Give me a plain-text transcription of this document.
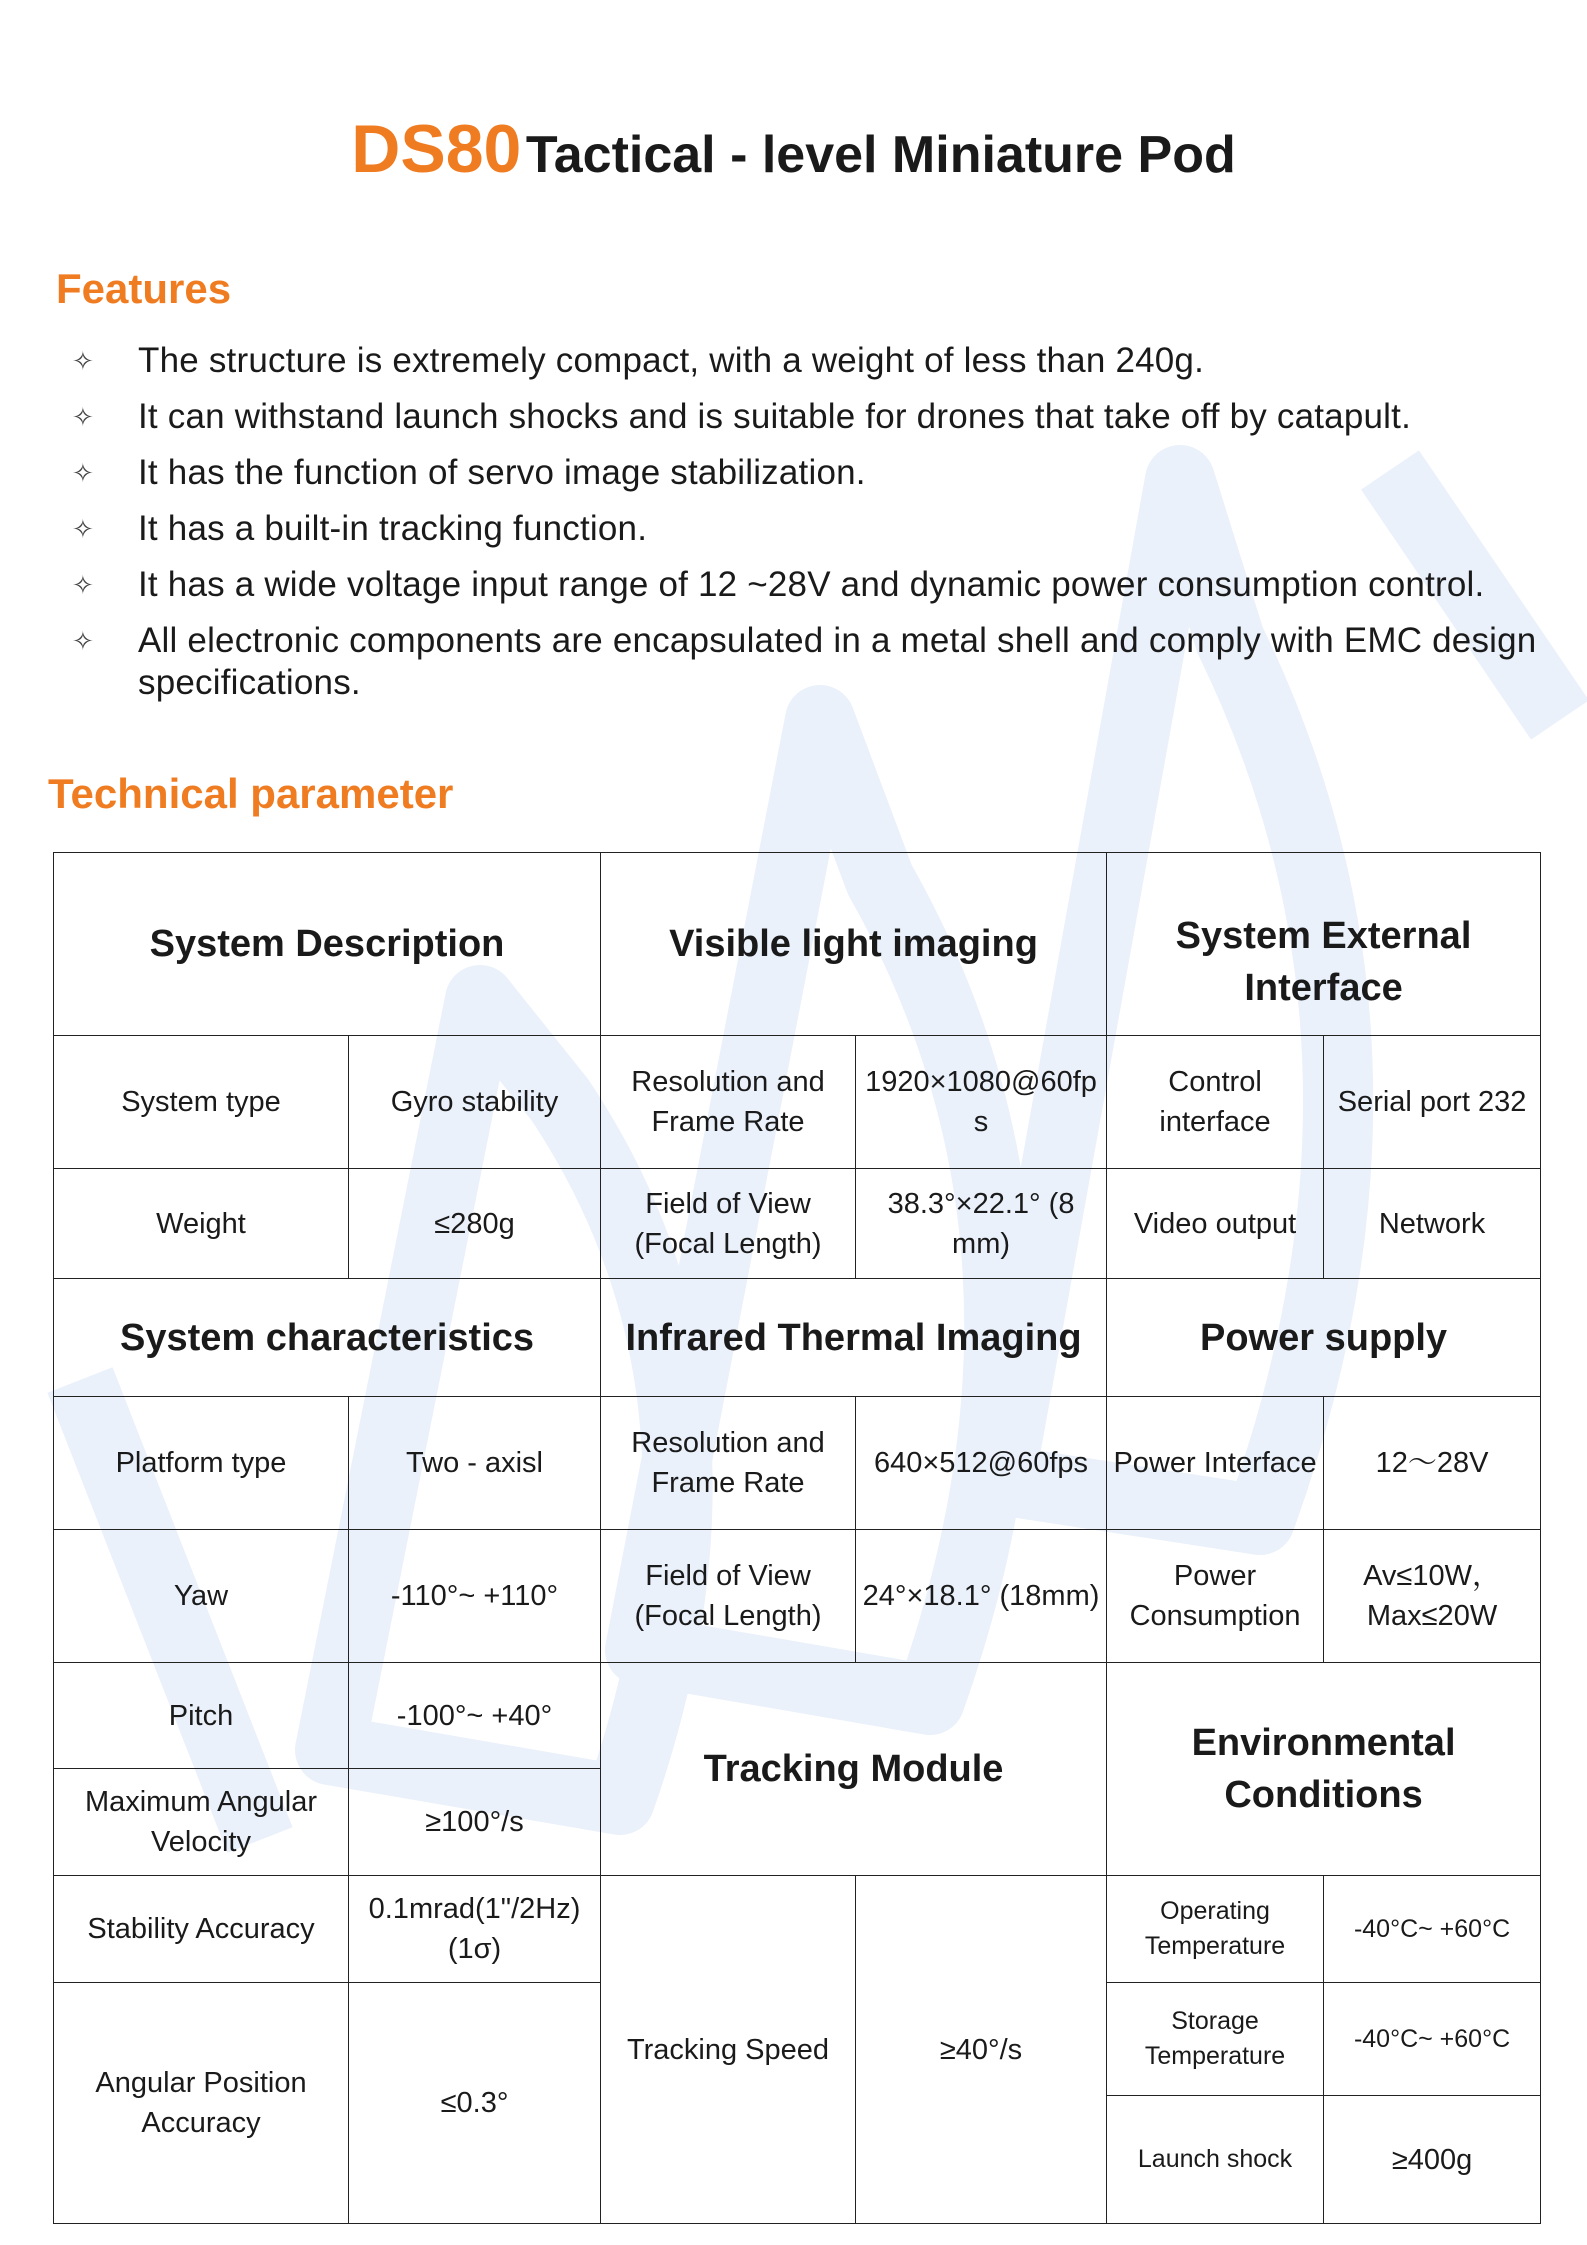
DS80 Tactical - level Miniature Pod
Features
✧ The structure is extremely compact, with a weight of less than 240g.
✧ It can withstand launch shocks and is suitable for drones that take off by catapult.
✧ It has the function of servo image stabilization.
✧ It has a built-in tracking function.
✧ It has a wide voltage input range of 12 ~28V and dynamic power consumption control.
✧ All electronic components are encapsulated in a metal shell and comply with EMC design specifications.
Technical parameter
System Description		Visible light imaging		System External Interface	
System type	Gyro stability	Resolution and Frame Rate	1920×1080@60fps	Control interface	Serial port 232
Weight	≤280g	Field of View (Focal Length)	38.3°×22.1° (8 mm)	Video output	Network
System characteristics		Infrared Thermal Imaging		Power supply	
Platform type	Two - axisl	Resolution and Frame Rate	640×512@60fps	Power Interface	12～28V
Yaw	-110°~ +110°	Field of View (Focal Length)	24°×18.1° (18mm)	Power Consumption	Av≤10W，Max≤20W
Pitch	-100°~ +40°	Tracking Module		Environmental Conditions	
Maximum Angular Velocity	≥100°/s				
Stability Accuracy	0.1mrad(1"/2Hz) (1σ)	Tracking Speed	≥40°/s	Operating Temperature	-40°C~ +60°C
Angular Position Accuracy	≤0.3°			Storage Temperature	-40°C~ +60°C
				Launch shock	≥400g
